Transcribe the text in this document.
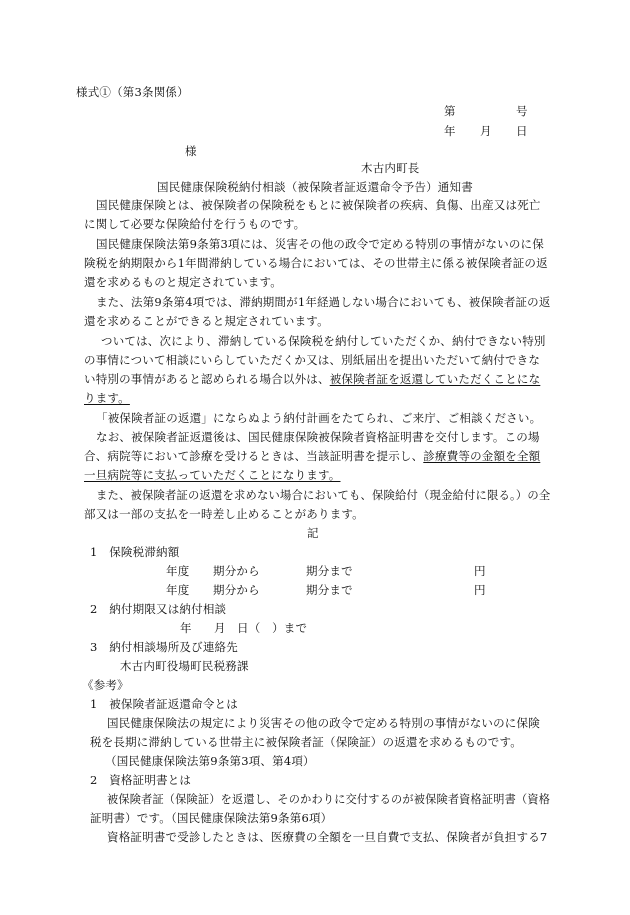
様式①（第3条関係）
第	号
年 月 日
様
木古内町長
国民健康保険税納付相談（被保険者証返還命令予告）通知書
国民健康保険とは、被保険者の保険税をもとに被保険者の疾病、負傷、出産又は死亡
に関して必要な保険給付を行うものです。
国民健康保険法第9条第3項には、災害その他の政令で定める特別の事情がないのに保
険税を納期限から1年間滞納している場合においては、その世帯主に係る被保険者証の返
還を求めるものと規定されています。
また、法第9条第4項では、滞納期間が1年経過しない場合においても、被保険者証の返
還を求めることができると規定されています。
ついては、次により、滞納している保険税を納付していただくか、納付できない特別
の事情について相談にいらしていただくか又は、別紙届出を提出いただいて納付できな
い特別の事情があると認められる場合以外は、被保険者証を返還していただくことにな
ります。
「被保険者証の返還」にならぬよう納付計画をたてられ、ご来庁、ご相談ください。
なお、被保険者証返還後は、国民健康保険被保険者資格証明書を交付します。この場
合、病院等において診療を受けるときは、当該証明書を提示し、診療費等の金額を全額
一旦病院等に支払っていただくことになります。
また、被保険者証の返還を求めない場合においても、保険給付（現金給付に限る。）の全
部又は一部の支払を一時差し止めることがあります。
記
1　保険税滞納額
年度 期分から	期分まで	円
年度 期分から	期分まで	円
2　納付期限又は納付相談
年 月 日（　）まで
3　納付相談場所及び連絡先
木古内町役場町民税務課
《参考》
1　被保険者証返還命令とは
国民健康保険法の規定により災害その他の政令で定める特別の事情がないのに保険
税を長期に滞納している世帯主に被保険者証（保険証）の返還を求めるものです。
（国民健康保険法第9条第3項、第4項）
2　資格証明書とは
被保険者証（保険証）を返還し、そのかわりに交付するのが被保険者資格証明書（資格
証明書）です。（国民健康保険法第9条第6項）
資格証明書で受診したときは、医療費の全額を一旦自費で支払、保険者が負担する7
